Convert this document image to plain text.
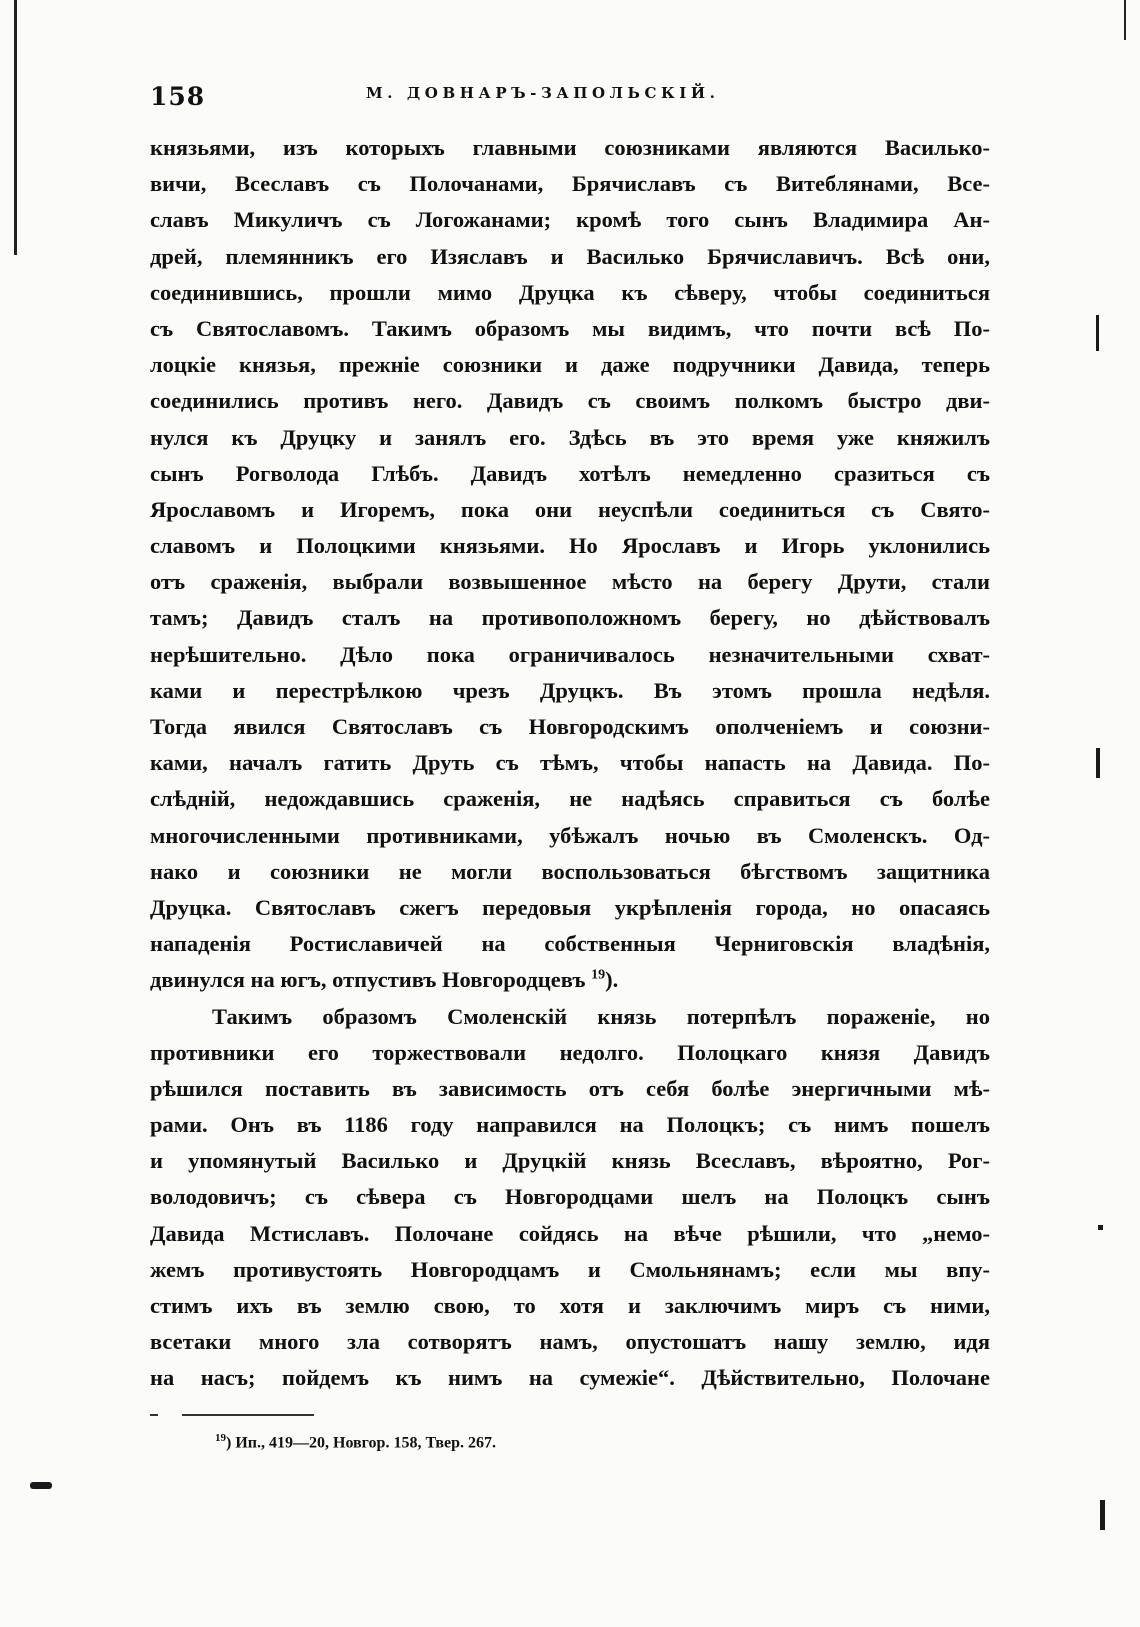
158	М. ДОВНАРЪ-ЗАПОЛЬСКІЙ.
князьями, изъ которыхъ главными союзниками являются Василько-
вичи, Всеславъ съ Полочанами, Брячиславъ съ Витеблянами, Все-
славъ Микуличъ съ Логожанами; кромѣ того сынъ Владимира Ан-
дрей, племянникъ его Изяславъ и Василько Брячиславичъ. Всѣ они,
соединившись, прошли мимо Друцка къ сѣверу, чтобы соединиться
съ Святославомъ. Такимъ образомъ мы видимъ, что почти всѣ По-
лоцкіе князья, прежніе союзники и даже подручники Давида, теперь
соединились противъ него. Давидъ съ своимъ полкомъ быстро дви-
нулся къ Друцку и занялъ его. Здѣсь въ это время уже княжилъ
сынъ Рогволода Глѣбъ. Давидъ хотѣлъ немедленно сразиться съ
Ярославомъ и Игоремъ, пока они неуспѣли соединиться съ Свято-
славомъ и Полоцкими князьями. Но Ярославъ и Игорь уклонились
отъ сраженія, выбрали возвышенное мѣсто на берегу Друти, стали
тамъ; Давидъ сталъ на противоположномъ берегу, но дѣйствовалъ
нерѣшительно. Дѣло пока ограничивалось незначительными схват-
ками и перестрѣлкою чрезъ Друцкъ. Въ этомъ прошла недѣля.
Тогда явился Святославъ съ Новгородскимъ ополченіемъ и союзни-
ками, началъ гатить Друть съ тѣмъ, чтобы напасть на Давида. По-
слѣдній, недождавшись сраженія, не надѣясь справиться съ болѣе
многочисленными противниками, убѣжалъ ночью въ Смоленскъ. Од-
нако и союзники не могли воспользоваться бѣгствомъ защитника
Друцка. Святославъ сжегъ передовыя укрѣпленія города, но опасаясь
нападенія Ростиславичей на собственныя Черниговскія владѣнія,
двинулся на югъ, отпустивъ Новгородцевъ $^{19}$).
Такимъ образомъ Смоленскій князь потерпѣлъ пораженіе, но
противники его торжествовали недолго. Полоцкаго князя Давидъ
рѣшился поставить въ зависимость отъ себя болѣе энергичными мѣ-
рами. Онъ въ 1186 году направился на Полоцкъ; съ нимъ пошелъ
и упомянутый Василько и Друцкій князь Всеславъ, вѣроятно, Рог-
володовичъ; съ сѣвера съ Новгородцами шелъ на Полоцкъ сынъ
Давида Мстиславъ. Полочане сойдясь на вѣче рѣшили, что „немо-
жемъ противустоять Новгородцамъ и Смольнянамъ; если мы впу-
стимъ ихъ въ землю свою, то хотя и заключимъ миръ съ ними,
всетаки много зла сотворятъ намъ, опустошатъ нашу землю, идя
на насъ; пойдемъ къ нимъ на сумежіе“. Дѣйствительно, Полочане
$^{19}$) Ип., 419—20, Новгор. 158, Твер. 267.
